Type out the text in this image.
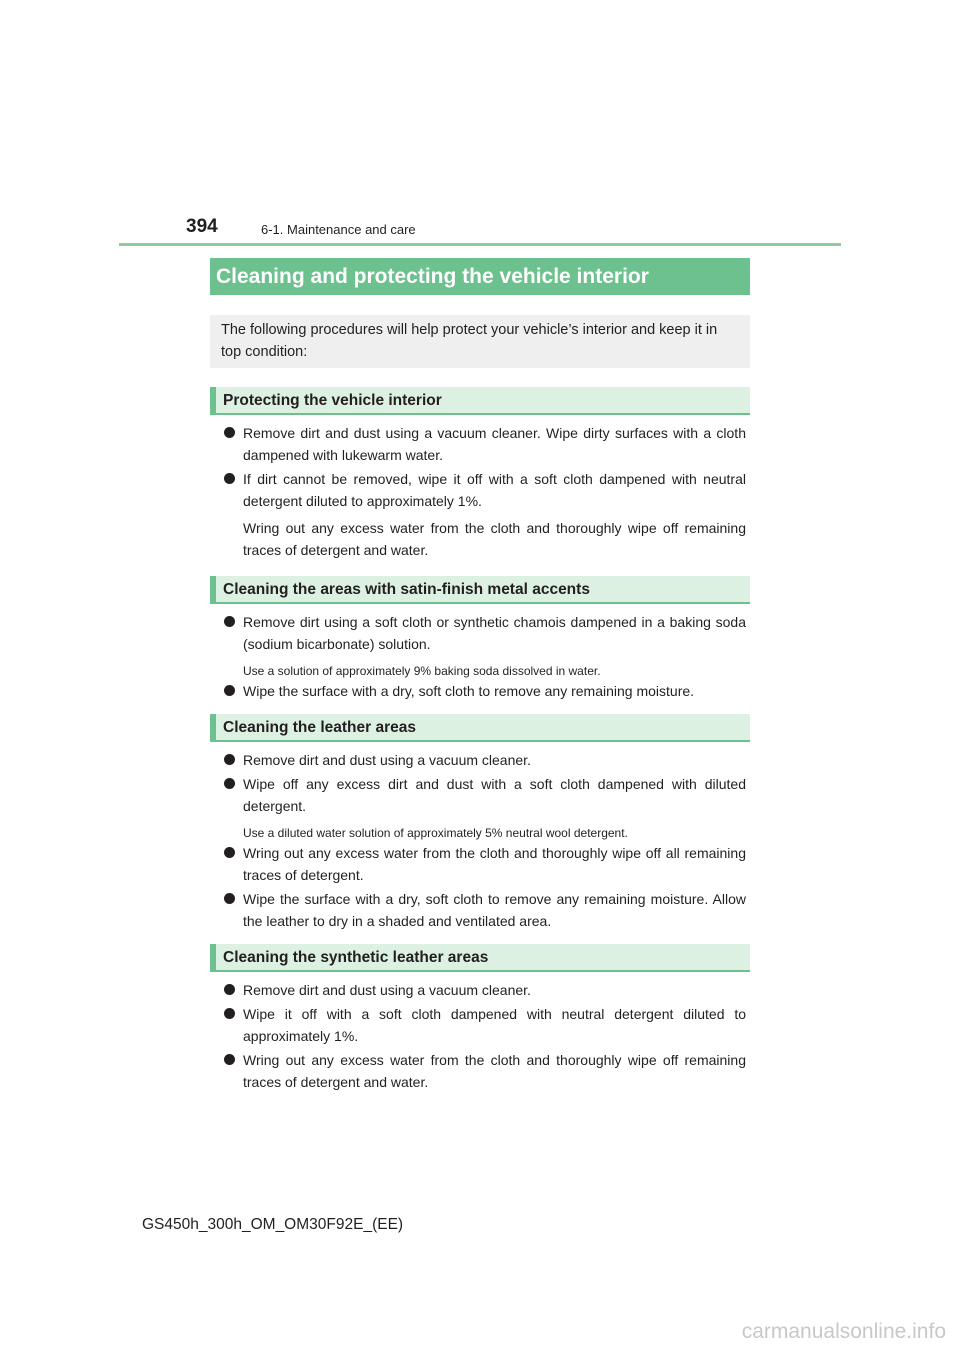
394	6-1. Maintenance and care
Cleaning and protecting the vehicle interior
The following procedures will help protect your vehicle’s interior and keep it in top condition:
Protecting the vehicle interior
Remove dirt and dust using a vacuum cleaner. Wipe dirty surfaces with a cloth dampened with lukewarm water.
If dirt cannot be removed, wipe it off with a soft cloth dampened with neutral detergent diluted to approximately 1%.
Wring out any excess water from the cloth and thoroughly wipe off remaining traces of detergent and water.
Cleaning the areas with satin-finish metal accents
Remove dirt using a soft cloth or synthetic chamois dampened in a baking soda (sodium bicarbonate) solution.
Use a solution of approximately 9% baking soda dissolved in water.
Wipe the surface with a dry, soft cloth to remove any remaining moisture.
Cleaning the leather areas
Remove dirt and dust using a vacuum cleaner.
Wipe off any excess dirt and dust with a soft cloth dampened with diluted detergent.
Use a diluted water solution of approximately 5% neutral wool detergent.
Wring out any excess water from the cloth and thoroughly wipe off all remaining traces of detergent.
Wipe the surface with a dry, soft cloth to remove any remaining moisture. Allow the leather to dry in a shaded and ventilated area.
Cleaning the synthetic leather areas
Remove dirt and dust using a vacuum cleaner.
Wipe it off with a soft cloth dampened with neutral detergent diluted to approximately 1%.
Wring out any excess water from the cloth and thoroughly wipe off remaining traces of detergent and water.
GS450h_300h_OM_OM30F92E_(EE)
carmanualsonline.info
